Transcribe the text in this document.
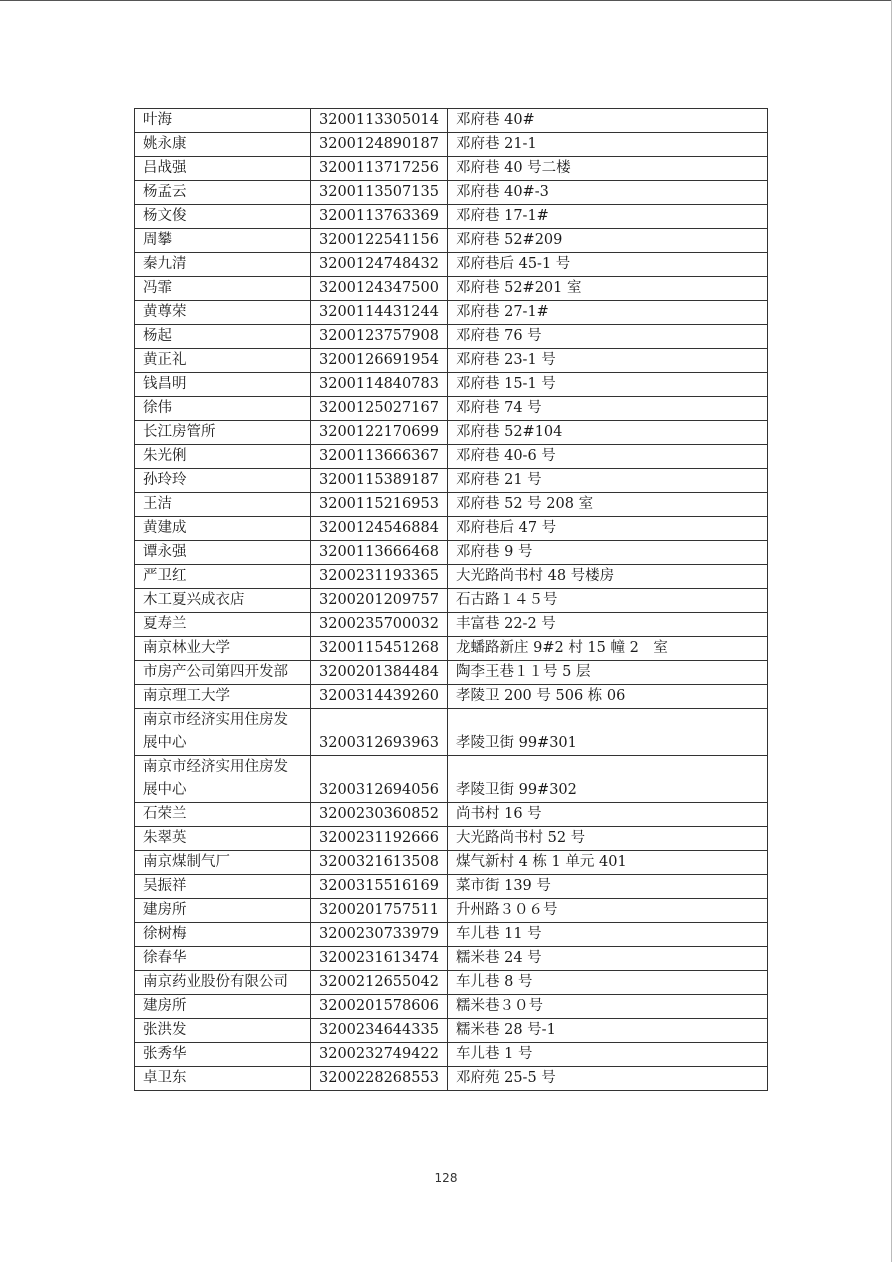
叶海	3200113305014	邓府巷 40#
姚永康	3200124890187	邓府巷 21-1
吕战强	3200113717256	邓府巷 40 号二楼
杨孟云	3200113507135	邓府巷 40#-3
杨文俊	3200113763369	邓府巷 17-1#
周攀	3200122541156	邓府巷 52#209
秦九清	3200124748432	邓府巷后 45-1 号
冯霏	3200124347500	邓府巷 52#201 室
黄尊荣	3200114431244	邓府巷 27-1#
杨起	3200123757908	邓府巷 76 号
黄正礼	3200126691954	邓府巷 23-1 号
钱昌明	3200114840783	邓府巷 15-1 号
徐伟	3200125027167	邓府巷 74 号
长江房管所	3200122170699	邓府巷 52#104
朱光俐	3200113666367	邓府巷 40-6 号
孙玲玲	3200115389187	邓府巷 21 号
王洁	3200115216953	邓府巷 52 号 208 室
黄建成	3200124546884	邓府巷后 47 号
谭永强	3200113666468	邓府巷 9 号
严卫红	3200231193365	大光路尚书村 48 号楼房
木工夏兴成衣店	3200201209757	石古路１４５号
夏寿兰	3200235700032	丰富巷 22-2 号
南京林业大学	3200115451268	龙蟠路新庄 9#2 村 15 幢 2　室
市房产公司第四开发部	3200201384484	陶李王巷１１号 5 层
南京理工大学	3200314439260	孝陵卫 200 号 506 栋 06
南京市经济实用住房发展中心	3200312693963	孝陵卫街 99#301
南京市经济实用住房发展中心	3200312694056	孝陵卫街 99#302
石荣兰	3200230360852	尚书村 16 号
朱翠英	3200231192666	大光路尚书村 52 号
南京煤制气厂	3200321613508	煤气新村 4 栋 1 单元 401
吴振祥	3200315516169	菜市街 139 号
建房所	3200201757511	升州路３０６号
徐树梅	3200230733979	车儿巷 11 号
徐春华	3200231613474	糯米巷 24 号
南京药业股份有限公司	3200212655042	车儿巷 8 号
建房所	3200201578606	糯米巷３０号
张洪发	3200234644335	糯米巷 28 号-1
张秀华	3200232749422	车儿巷 1 号
卓卫东	3200228268553	邓府苑 25-5 号
128
